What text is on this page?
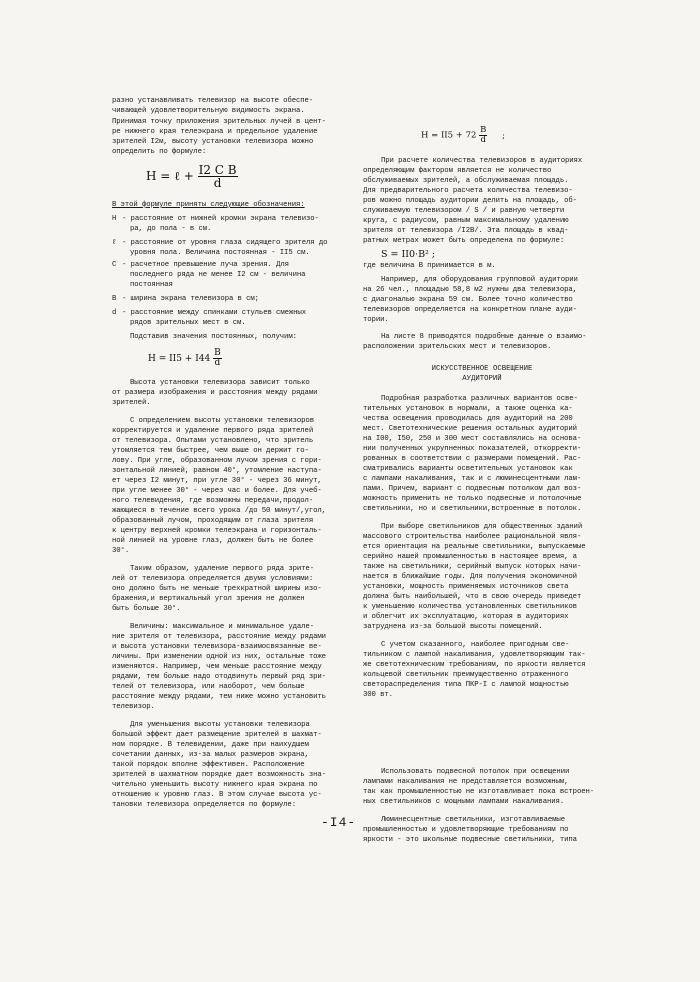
разно устанавливать телевизор на высоте обеспе-
чивающей удовлетворительную видимость экрана.
Принимая точку приложения зрительных лучей в цент-
ре нижнего края телеэкрана и предельное удаление
зрителей I2м, высоту установки телевизора можно
определить по формуле:
H = ℓ + $\frac{\text{I2 C B}}{d}$
В этой формуле приняты следующие обозначения:
H - расстояние от нижней кромки экрана телевизо-
ра, до пола - в см.
ℓ - расстояние от уровня глаза сидящего зрителя до
уровня пола. Величина постоянная - II5 см.
C - расчетное превышение луча зрения. Для
последнего ряда не менее I2 см - величина
постоянная
B - ширина экрана телевизора в см;
d - расстояние между спинками стульев смежных
рядов зрительных мест в см.
Подставив значения постоянных, получим:
$H = II5 + I44 \frac{B}{d}$
Высота установки телевизора зависит только
от размера изображения и расстояния между рядами
зрителей.
С определением высоты установки телевизоров
корректируется и удаление первого ряда зрителей
от телевизора. Опытами установлено, что зритель
утомляется тем быстрее, чем выше он держит го-
лову. При угле, образованном лучом зрения с гори-
зонтальной линией, равном 40°, утомление наступа-
ет через I2 минут, при угле 30° - через 36 минут,
при угле менее 30° - через час и более. Для учеб-
ного телевидения, где возможны передачи,продол-
жающиеся в течение всего урока /до 50 минут/,угол,
образованный лучом, проходящим от глаза зрителя
к центру верхней кромки телеэкрана и горизонталь-
ной линией на уровне глаз, должен быть не более
30°.
Таким образом, удаление первого ряда зрите-
лей от телевизора определяется двумя условиями:
оно должно быть не меньше трехкратной ширины изо-
бражения,и вертикальный угол зрения не должен
быть больше 30°.
Величины: максимальное и минимальное удале-
ние зрителя от телевизора, расстояние между рядами
и высота установки телевизора-взаимосвязанные ве-
личины. При изменении одной из них, остальные тоже
изменяются. Например, чем меньше расстояние между
рядами, тем больше надо отодвинуть первый ряд зри-
телей от телевизора, или наоборот, чем больше
расстояние между рядами, тем ниже можно установить
телевизор.
Для уменьшения высоты установки телевизора
большой эффект дает размещение зрителей в шахмат-
ном порядке. В телевидении, даже при наихудшем
сочетании данных, из-за малых размеров экрана,
такой порядок вполне эффективен. Расположение
зрителей в шахматном порядке дает возможность зна-
чительно уменьшить высоту нижнего края экрана по
отношению к уровню глаз. В этом случае высота ус-
тановки телевизора определяется по формуле:
$H = II5 + 72 \frac{B}{d}$ ;
При расчете количества телевизоров в аудиториях
определяющим фактором является не количество
обслуживаемых зрителей, а обслуживаемая площадь.
Для предварительного расчета количества телевизо-
ров можно площадь аудитории делить на площадь, об-
служиваемую телевизором / S / и равную четверти
круга, с радиусом, равным максимальному удалению
зрителя от телевизора /I2B/. Эта площадь в квад-
ратных метрах может быть определена по формуле:
S = II0·B² ;
где величина B принимается в м.
Например, для оборудования групповой аудитории
на 26 чел., площадью 58,8 м2 нужны два телевизора,
с диагональю экрана 59 см. Более точно количество
телевизоров определяется на конкретном плане ауди-
тории.
На листе 8 приводятся подробные данные о взаимо-
расположении зрительских мест и телевизоров.
ИСКУССТВЕННОЕ ОСВЕЩЕНИЕ
АУДИТОРИЙ
Подробная разработка различных вариантов осве-
тительных установок в нормали, а также оценка ка-
чества освещения проводилась для аудиторий на 200
мест. Светотехнические решения остальных аудиторий
на I00, I50, 250 и 300 мест составлялись на основа-
нии полученных укрупненных показателей, откорректи-
рованных в соответствии с размерами помещений. Рас-
сматривались варианты осветительных установок как
с лампами накаливания, так и с люминесцентными лам-
пами. Причем, вариант с подвесным потолком дал воз-
можность применить не только подвесные и потолочные
светильники, но и светильники,встроенные в потолок.
При выборе светильников для общественных зданий
массового строительства наиболее рациональной явля-
ется ориентация на реальные светильники, выпускаемые
серийно нашей промышленностью в настоящее время, а
также на светильники, серийный выпуск которых начи-
нается в ближайшие годы. Для получения экономичной
установки, мощность применяемых источников света
должна быть наибольшей, что в свою очередь приведет
к уменьшению количества установленных светильников
и облегчит их эксплуатацию, которая в аудиториях
затруднена из-за большой высоты помещений.
С учетом сказанного, наиболее пригодным све-
тильником с лампой накаливания, удовлетворяющим так-
же светотехническим требованиям, по яркости является
кольцевой светильник преимущественно отраженного
светораспределения типа ПКР-I с лампой мощностью
300 вт.
Использовать подвесной потолок при освещении
лампами накаливания не представляется возможным,
так как промышленностью не изготавливает пока встроен-
ных светильников с мощными лампами накаливания.
Люминесцентные светильники, изготавливаемые
промышленностью и удовлетворяющие требованиям по
яркости - это школьные подвесные светильники, типа
-I4-
